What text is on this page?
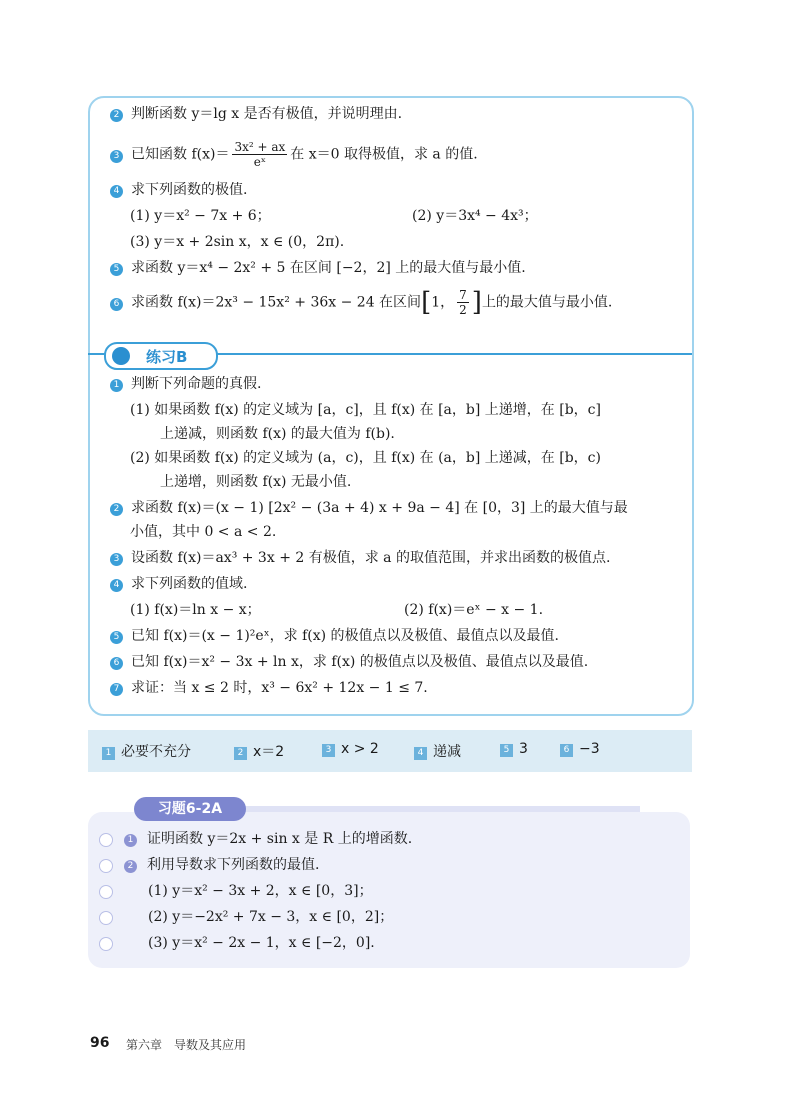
2 判断函数 y＝lg x 是否有极值，并说明理由.
3 已知函数 $f(x)= \frac{\text{3x² + ax}}{\text{eˣ}}$ 在 x＝0 取得极值，求 a 的值.
4 求下列函数的极值.
(1) y＝x² − 7x + 6；	(2) y＝3x⁴ − 4x³；
(3) y＝x + 2sin x，x ∈ (0，2π).
5 求函数 y＝x⁴ − 2x² + 5 在区间 [−2，2] 上的最大值与最小值.
6 求函数 f(x)＝2x³ − 15x² + 36x − 24 在区间[1， $\frac{7}{2}$ ]上的最大值与最小值.
练习B
1 判断下列命题的真假.
(1) 如果函数 f(x) 的定义域为 [a，c]，且 f(x) 在 [a，b] 上递增，在 [b，c]
上递减，则函数 f(x) 的最大值为 f(b).
(2) 如果函数 f(x) 的定义域为 (a，c)，且 f(x) 在 (a，b] 上递减，在 [b，c)
上递增，则函数 f(x) 无最小值.
2 求函数 f(x)＝(x − 1) [2x² − (3a + 4) x + 9a − 4] 在 [0，3] 上的最大值与最
小值，其中 0 < a < 2.
3 设函数 f(x)＝ax³ + 3x + 2 有极值，求 a 的取值范围，并求出函数的极值点.
4 求下列函数的值域.
(1) f(x)＝ln x − x；	(2) f(x)＝eˣ − x − 1.
5 已知 f(x)＝(x − 1)²eˣ，求 f(x) 的极值点以及极值、最值点以及最值.
6 已知 f(x)＝x² − 3x + ln x，求 f(x) 的极值点以及极值、最值点以及最值.
7 求证：当 x ≤ 2 时，x³ − 6x² + 12x − 1 ≤ 7.
1 必要不充分	2 x＝2	3 x > 2	4 递减	5 3	6 −3
习题6-2A
1 证明函数 y＝2x + sin x 是 R 上的增函数.
2 利用导数求下列函数的最值.
(1) y＝x² − 3x + 2，x ∈ [0，3]；
(2) y＝−2x² + 7x − 3，x ∈ [0，2]；
(3) y＝x² − 2x − 1，x ∈ [−2，0].
96 第六章　导数及其应用
